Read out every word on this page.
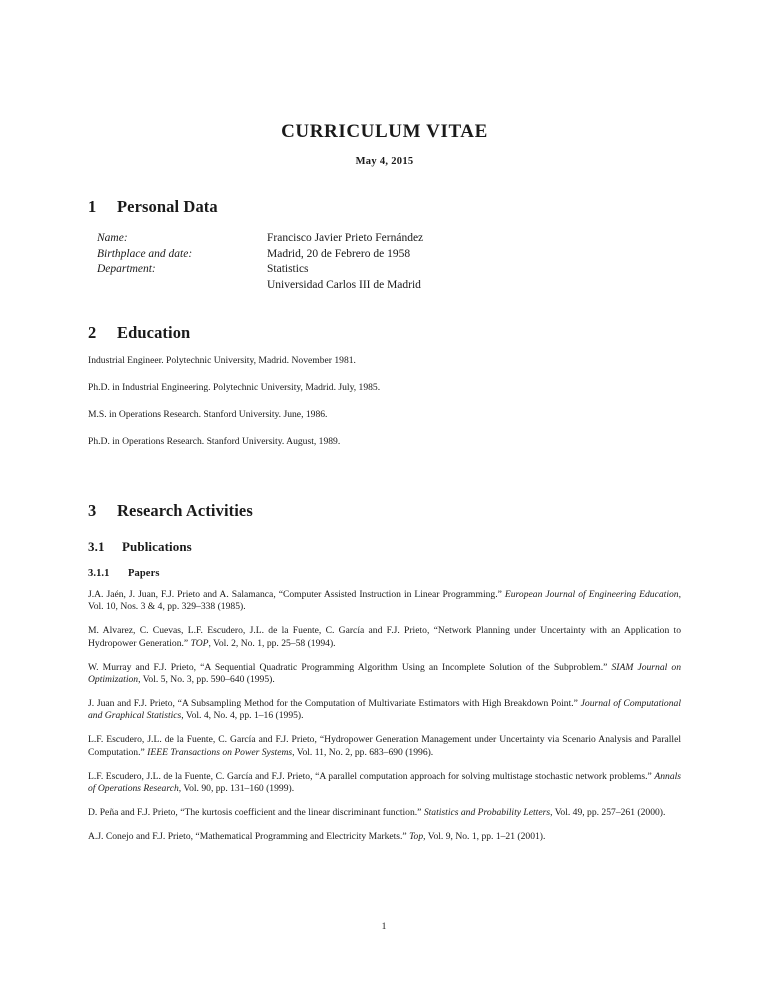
CURRICULUM VITAE
May 4, 2015
1 Personal Data
Name:	Francisco Javier Prieto Fernández
Birthplace and date:	Madrid, 20 de Febrero de 1958
Department:	Statistics
Universidad Carlos III de Madrid
2 Education

Industrial Engineer. Polytechnic University, Madrid. November 1981.

Ph.D. in Industrial Engineering. Polytechnic University, Madrid. July, 1985.

M.S. in Operations Research. Stanford University. June, 1986.

Ph.D. in Operations Research. Stanford University. August, 1989.

3 Research Activities
3.1 Publications
3.1.1 Papers

J.A. Jaén, J. Juan, F.J. Prieto and A. Salamanca, “Computer Assisted Instruction in Linear Programming.” European Journal of Engineering Education, Vol. 10, Nos. 3 & 4, pp. 329–338 (1985).

M. Alvarez, C. Cuevas, L.F. Escudero, J.L. de la Fuente, C. García and F.J. Prieto, “Network Planning under Uncertainty with an Application to Hydropower Generation.” TOP, Vol. 2, No. 1, pp. 25–58 (1994).

W. Murray and F.J. Prieto, “A Sequential Quadratic Programming Algorithm Using an Incomplete Solution of the Subproblem.” SIAM Journal on Optimization, Vol. 5, No. 3, pp. 590–640 (1995).

J. Juan and F.J. Prieto, “A Subsampling Method for the Computation of Multivariate Estimators with High Breakdown Point.” Journal of Computational and Graphical Statistics, Vol. 4, No. 4, pp. 1–16 (1995).

L.F. Escudero, J.L. de la Fuente, C. García and F.J. Prieto, “Hydropower Generation Management under Uncertainty via Scenario Analysis and Parallel Computation.” IEEE Transactions on Power Systems, Vol. 11, No. 2, pp. 683–690 (1996).

L.F. Escudero, J.L. de la Fuente, C. García and F.J. Prieto, “A parallel computation approach for solving multistage stochastic network problems.” Annals of Operations Research, Vol. 90, pp. 131–160 (1999).

D. Peña and F.J. Prieto, “The kurtosis coefficient and the linear discriminant function.” Statistics and Probability Letters, Vol. 49, pp. 257–261 (2000).

A.J. Conejo and F.J. Prieto, “Mathematical Programming and Electricity Markets.” Top, Vol. 9, No. 1, pp. 1–21 (2001).

1
